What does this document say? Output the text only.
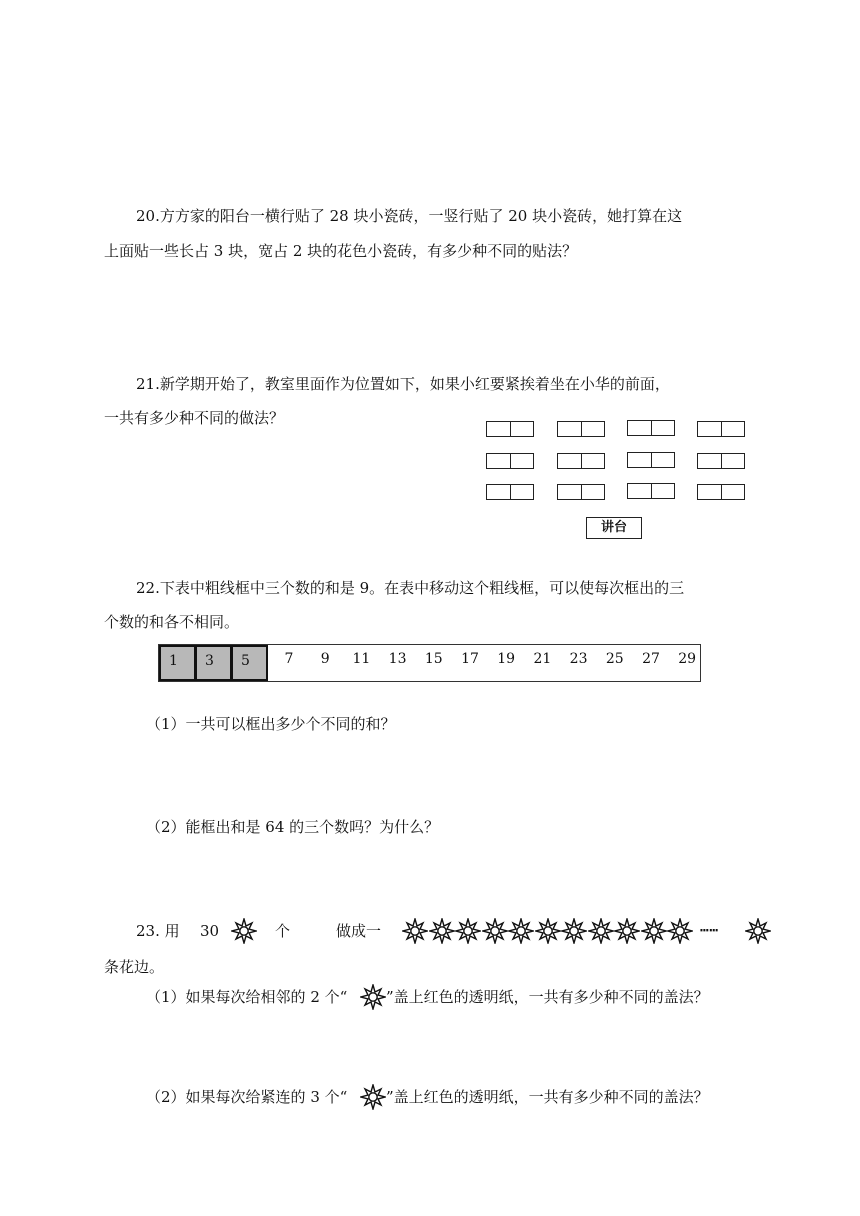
20.方方家的阳台一横行贴了 28 块小瓷砖，一竖行贴了 20 块小瓷砖，她打算在这
上面贴一些长占 3 块，宽占 2 块的花色小瓷砖，有多少种不同的贴法？
21.新学期开始了，教室里面作为位置如下，如果小红要紧挨着坐在小华的前面，
一共有多少种不同的做法？
讲台
22.下表中粗线框中三个数的和是 9。在表中移动这个粗线框，可以使每次框出的三
个数的和各不相同。
1	3	5	7	9	11	13	15	17	19	21	23	25	27	29
（1）一共可以框出多少个不同的和？
（2）能框出和是 64 的三个数吗？为什么？
23. 用 30	个	做成一	┅┅
条花边。
（1）如果每次给相邻的 2 个“	”盖上红色的透明纸，一共有多少种不同的盖法？
（2）如果每次给紧连的 3 个“	”盖上红色的透明纸，一共有多少种不同的盖法？
